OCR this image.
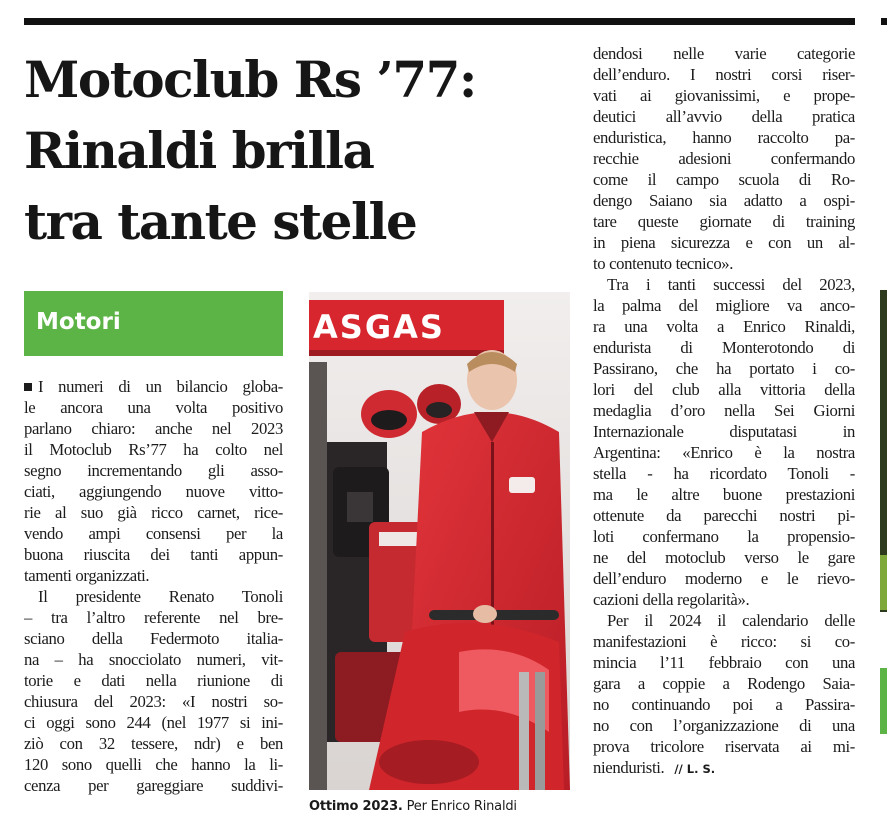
Motoclub Rs ’77:
Rinaldi brilla
tra tante stelle
Motori
I numeri di un bilancio globa-
le ancora una volta positivo
parlano chiaro: anche nel 2023
il Motoclub Rs’77 ha colto nel
segno incrementando gli asso-
ciati, aggiungendo nuove vitto-
rie al suo già ricco carnet, rice-
vendo ampi consensi per la
buona riuscita dei tanti appun-
tamenti organizzati.
Il presidente Renato Tonoli
– tra l’altro referente nel bre-
sciano della Federmoto italia-
na – ha snocciolato numeri, vit-
torie e dati nella riunione di
chiusura del 2023: «I nostri so-
ci oggi sono 244 (nel 1977 si ini-
ziò con 32 tessere, ndr) e ben
120 sono quelli che hanno la li-
cenza per gareggiare suddivi-
ASGAS
Ottimo 2023. Per Enrico Rinaldi
dendosi nelle varie categorie
dell’enduro. I nostri corsi riser-
vati ai giovanissimi, e prope-
deutici all’avvio della pratica
enduristica, hanno raccolto pa-
recchie adesioni confermando
come il campo scuola di Ro-
dengo Saiano sia adatto a ospi-
tare queste giornate di training
in piena sicurezza e con un al-
to contenuto tecnico».
Tra i tanti successi del 2023,
la palma del migliore va anco-
ra una volta a Enrico Rinaldi,
endurista di Monterotondo di
Passirano, che ha portato i co-
lori del club alla vittoria della
medaglia d’oro nella Sei Giorni
Internazionale disputatasi in
Argentina: «Enrico è la nostra
stella - ha ricordato Tonoli -
ma le altre buone prestazioni
ottenute da parecchi nostri pi-
loti confermano la propensio-
ne del motoclub verso le gare
dell’enduro moderno e le rievo-
cazioni della regolarità».
Per il 2024 il calendario delle
manifestazioni è ricco: si co-
mincia l’11 febbraio con una
gara a coppie a Rodengo Saia-
no continuando poi a Passira-
no con l’organizzazione di una
prova tricolore riservata ai mi-
nienduristi. // L. S.
